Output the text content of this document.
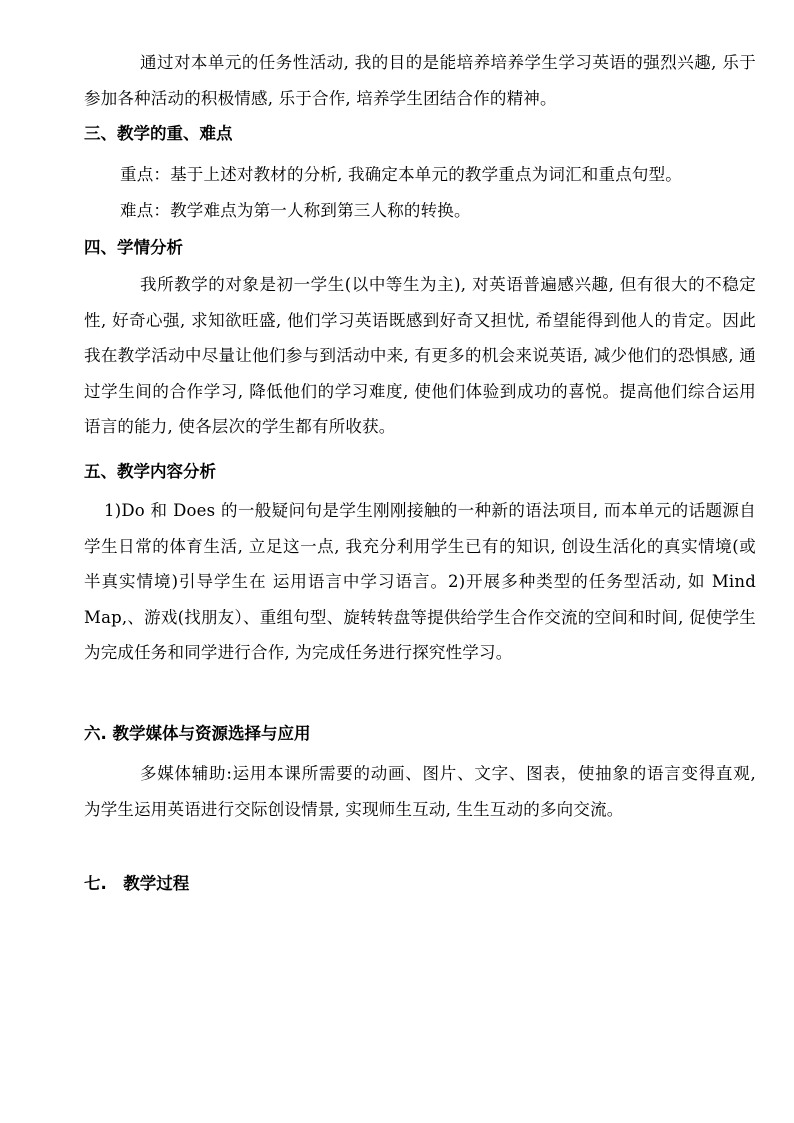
通过对本单元的任务性活动, 我的目的是能培养培养学生学习英语的强烈兴趣, 乐于参加各种活动的积极情感, 乐于合作, 培养学生团结合作的精神。

三、教学的重、难点

重点：基于上述对教材的分析, 我确定本单元的教学重点为词汇和重点句型。

难点：教学难点为第一人称到第三人称的转换。

四、学情分析

我所教学的对象是初一学生(以中等生为主), 对英语普遍感兴趣, 但有很大的不稳定性, 好奇心强, 求知欲旺盛, 他们学习英语既感到好奇又担忧, 希望能得到他人的肯定。因此我在教学活动中尽量让他们参与到活动中来, 有更多的机会来说英语, 减少他们的恐惧感, 通过学生间的合作学习, 降低他们的学习难度, 使他们体验到成功的喜悦。提高他们综合运用语言的能力, 使各层次的学生都有所收获。

五、教学内容分析

1)Do 和 Does 的一般疑问句是学生刚刚接触的一种新的语法项目, 而本单元的话题源自学生日常的体育生活, 立足这一点, 我充分利用学生已有的知识, 创设生活化的真实情境(或半真实情境)引导学生在 运用语言中学习语言。2)开展多种类型的任务型活动, 如 Mind Map,、游戏(找朋友）、重组句型、旋转转盘等提供给学生合作交流的空间和时间, 促使学生为完成任务和同学进行合作, 为完成任务进行探究性学习。

六. 教学媒体与资源选择与应用

多媒体辅助:运用本课所需要的动画、图片、文字、图表，使抽象的语言变得直观, 为学生运用英语进行交际创设情景, 实现师生互动, 生生互动的多向交流。

七.　教学过程
